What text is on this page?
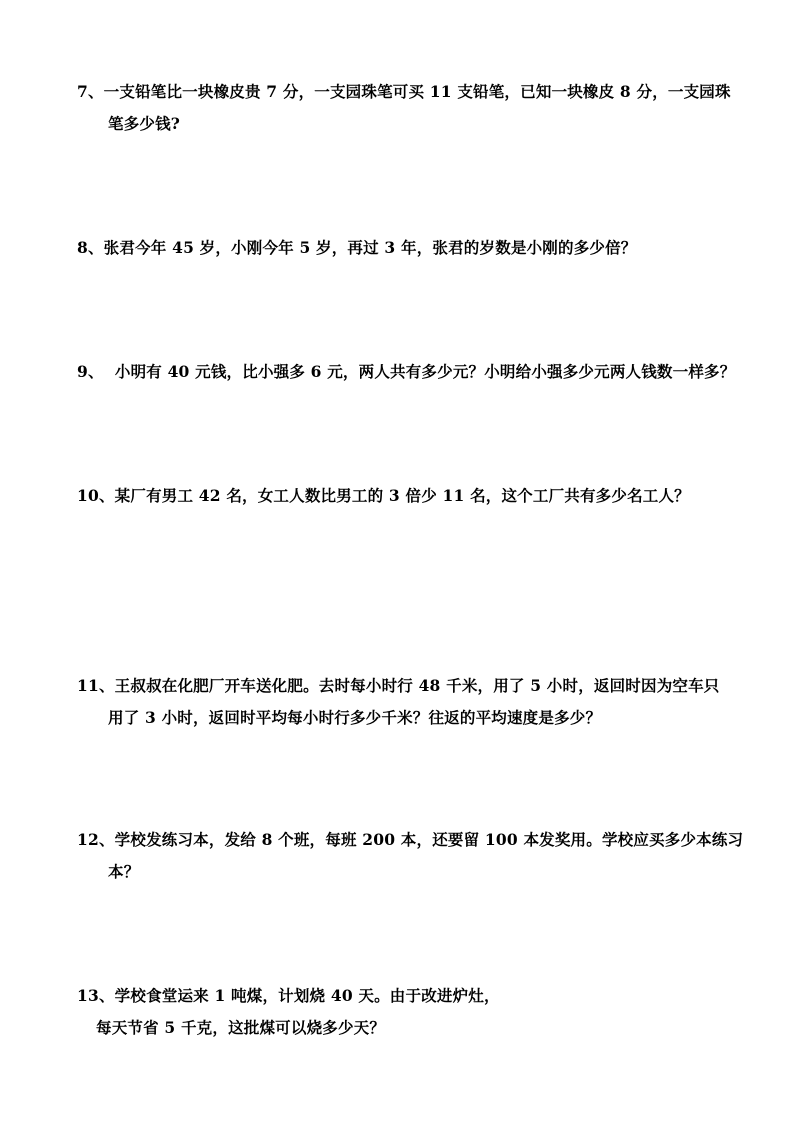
7、一支铅笔比一块橡皮贵 7 分，一支园珠笔可买 11 支铅笔，已知一块橡皮 8 分，一支园珠
笔多少钱?
8、张君今年 45 岁，小刚今年 5 岁，再过 3 年，张君的岁数是小刚的多少倍？
9、  小明有 40 元钱，比小强多 6 元，两人共有多少元？小明给小强多少元两人钱数一样多？
10、某厂有男工 42 名，女工人数比男工的 3 倍少 11 名，这个工厂共有多少名工人？
11、王叔叔在化肥厂开车送化肥。去时每小时行 48 千米，用了 5 小时，返回时因为空车只
用了 3 小时，返回时平均每小时行多少千米？往返的平均速度是多少？
12、学校发练习本，发给 8 个班，每班 200 本，还要留 100 本发奖用。学校应买多少本练习
本？
13、学校食堂运来 1 吨煤，计划烧 40 天。由于改进炉灶，
每天节省 5 千克，这批煤可以烧多少天？
